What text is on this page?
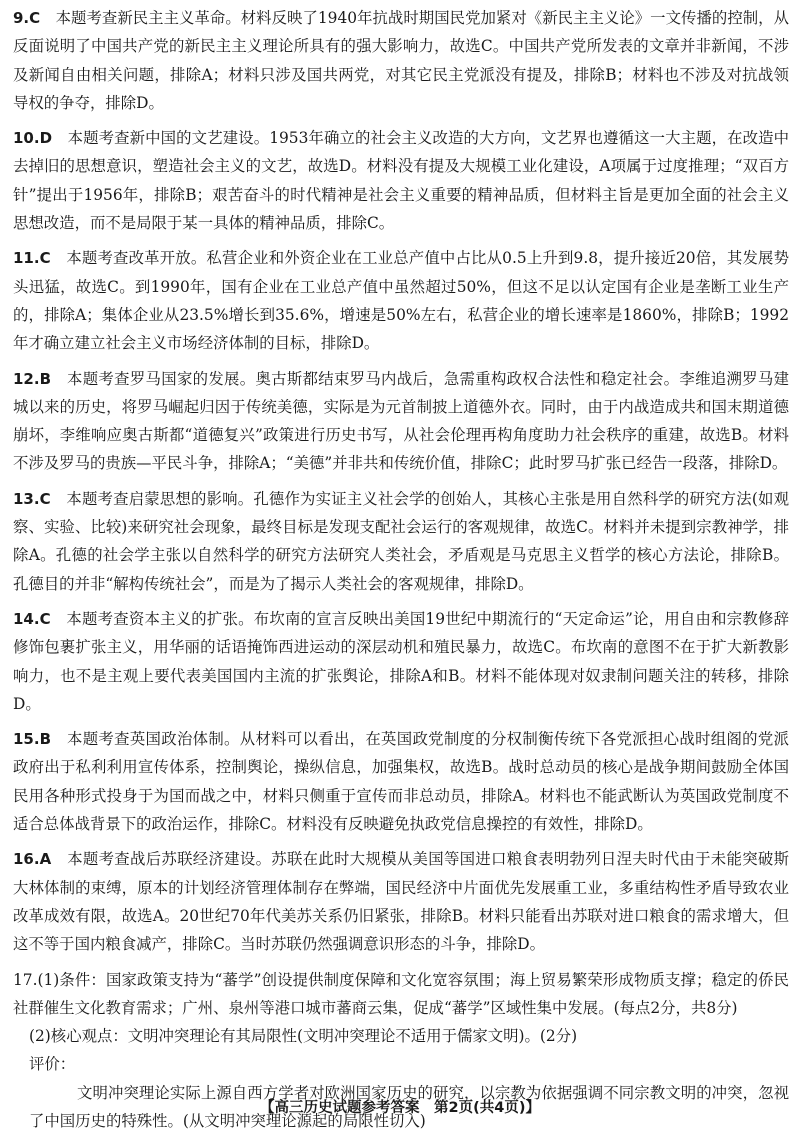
9.C　 本题考查新民主主义革命。材料反映了1940年抗战时期国民党加紧对《新民主主义论》一文传播的控制，从反面说明了中国共产党的新民主主义理论所具有的强大影响力，故选C。中国共产党所发表的文章并非新闻，不涉及新闻自由相关问题，排除A；材料只涉及国共两党，对其它民主党派没有提及，排除B；材料也不涉及对抗战领导权的争夺，排除D。

10.D　 本题考查新中国的文艺建设。1953年确立的社会主义改造的大方向，文艺界也遵循这一大主题，在改造中去掉旧的思想意识，塑造社会主义的文艺，故选D。材料没有提及大规模工业化建设，A项属于过度推理；“双百方针”提出于1956年，排除B；艰苦奋斗的时代精神是社会主义重要的精神品质，但材料主旨是更加全面的社会主义思想改造，而不是局限于某一具体的精神品质，排除C。

11.C　 本题考查改革开放。私营企业和外资企业在工业总产值中占比从0.5上升到9.8，提升接近20倍，其发展势头迅猛，故选C。到1990年，国有企业在工业总产值中虽然超过50%，但这不足以认定国有企业是垄断工业生产的，排除A；集体企业从23.5%增长到35.6%，增速是50%左右，私营企业的增长速率是1860%，排除B；1992年才确立建立社会主义市场经济体制的目标，排除D。

12.B　 本题考查罗马国家的发展。奥古斯都结束罗马内战后，急需重构政权合法性和稳定社会。李维追溯罗马建城以来的历史，将罗马崛起归因于传统美德，实际是为元首制披上道德外衣。同时，由于内战造成共和国末期道德崩坏，李维响应奥古斯都“道德复兴”政策进行历史书写，从社会伦理再构角度助力社会秩序的重建，故选B。材料不涉及罗马的贵族—平民斗争，排除A；“美德”并非共和传统价值，排除C；此时罗马扩张已经告一段落，排除D。

13.C　 本题考查启蒙思想的影响。孔德作为实证主义社会学的创始人，其核心主张是用自然科学的研究方法(如观察、实验、比较)来研究社会现象，最终目标是发现支配社会运行的客观规律，故选C。材料并未提到宗教神学，排除A。孔德的社会学主张以自然科学的研究方法研究人类社会，矛盾观是马克思主义哲学的核心方法论，排除B。孔德目的并非“解构传统社会”，而是为了揭示人类社会的客观规律，排除D。

14.C　 本题考查资本主义的扩张。布坎南的宣言反映出美国19世纪中期流行的“天定命运”论，用自由和宗教修辞修饰包裹扩张主义，用华丽的话语掩饰西进运动的深层动机和殖民暴力，故选C。布坎南的意图不在于扩大新教影响力，也不是主观上要代表美国国内主流的扩张舆论，排除A和B。材料不能体现对奴隶制问题关注的转移，排除D。

15.B　 本题考查英国政治体制。从材料可以看出，在英国政党制度的分权制衡传统下各党派担心战时组阁的党派政府出于私利利用宣传体系，控制舆论，操纵信息，加强集权，故选B。战时总动员的核心是战争期间鼓励全体国民用各种形式投身于为国而战之中，材料只侧重于宣传而非总动员，排除A。材料也不能武断认为英国政党制度不适合总体战背景下的政治运作，排除C。材料没有反映避免执政党信息操控的有效性，排除D。

16.A　 本题考查战后苏联经济建设。苏联在此时大规模从美国等国进口粮食表明勃列日涅夫时代由于未能突破斯大林体制的束缚，原本的计划经济管理体制存在弊端，国民经济中片面优先发展重工业，多重结构性矛盾导致农业改革成效有限，故选A。20世纪70年代美苏关系仍旧紧张，排除B。材料只能看出苏联对进口粮食的需求增大，但这不等于国内粮食减产，排除C。当时苏联仍然强调意识形态的斗争，排除D。

17.(1)条件：国家政策支持为“蕃学”创设提供制度保障和文化宽容氛围；海上贸易繁荣形成物质支撑；稳定的侨民社群催生文化教育需求；广州、泉州等港口城市蕃商云集，促成“蕃学”区域性集中发展。(每点2分，共8分)

(2)核心观点：文明冲突理论有其局限性(文明冲突理论不适用于儒家文明)。(2分)

评价：

文明冲突理论实际上源自西方学者对欧洲国家历史的研究，以宗教为依据强调不同宗教文明的冲突，忽视了中国历史的特殊性。(从文明冲突理论源起的局限性切入)

【高三历史试题参考答案　第2页(共4页)】
